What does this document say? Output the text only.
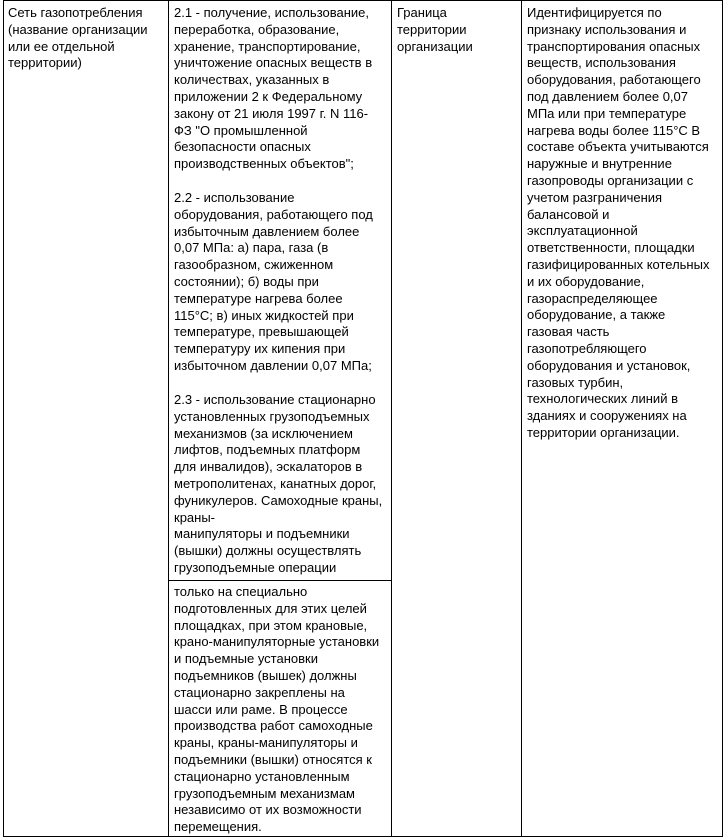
Сеть газопотребления
(название организации
или ее отдельной
территории)
2.1 - получение, использование,
переработка, образование,
хранение, транспортирование,
уничтожение опасных веществ в
количествах, указанных в
приложении 2 к Федеральному
закону от 21 июля 1997 г. N 116-
ФЗ "О промышленной
безопасности опасных
производственных объектов";
2.2 - использование
оборудования, работающего под
избыточным давлением более
0,07 МПа: а) пара, газа (в
газообразном, сжиженном
состоянии); б) воды при
температуре нагрева более
115°С; в) иных жидкостей при
температуре, превышающей
температуру их кипения при
избыточном давлении 0,07 МПа;
2.3 - использование стационарно
установленных грузоподъемных
механизмов (за исключением
лифтов, подъемных платформ
для инвалидов), эскалаторов в
метрополитенах, канатных дорог,
фуникулеров. Самоходные краны,
краны-
манипуляторы и подъемники
(вышки) должны осуществлять
грузоподъемные операции
только на специально
подготовленных для этих целей
площадках, при этом крановые,
крано-манипуляторные установки
и подъемные установки
подъемников (вышек) должны
стационарно закреплены на
шасси или раме. В процессе
производства работ самоходные
краны, краны-манипуляторы и
подъемники (вышки) относятся к
стационарно установленным
грузоподъемным механизмам
независимо от их возможности
перемещения.
Граница
территории
организации
Идентифицируется по
признаку использования и
транспортирования опасных
веществ, использования
оборудования, работающего
под давлением более 0,07
МПа или при температуре
нагрева воды более 115°С В
составе объекта учитываются
наружные и внутренние
газопроводы организации с
учетом разграничения
балансовой и
эксплуатационной
ответственности, площадки
газифицированных котельных
и их оборудование,
газораспределяющее
оборудование, а также
газовая часть
газопотребляющего
оборудования и установок,
газовых турбин,
технологических линий в
зданиях и сооружениях на
территории организации.
